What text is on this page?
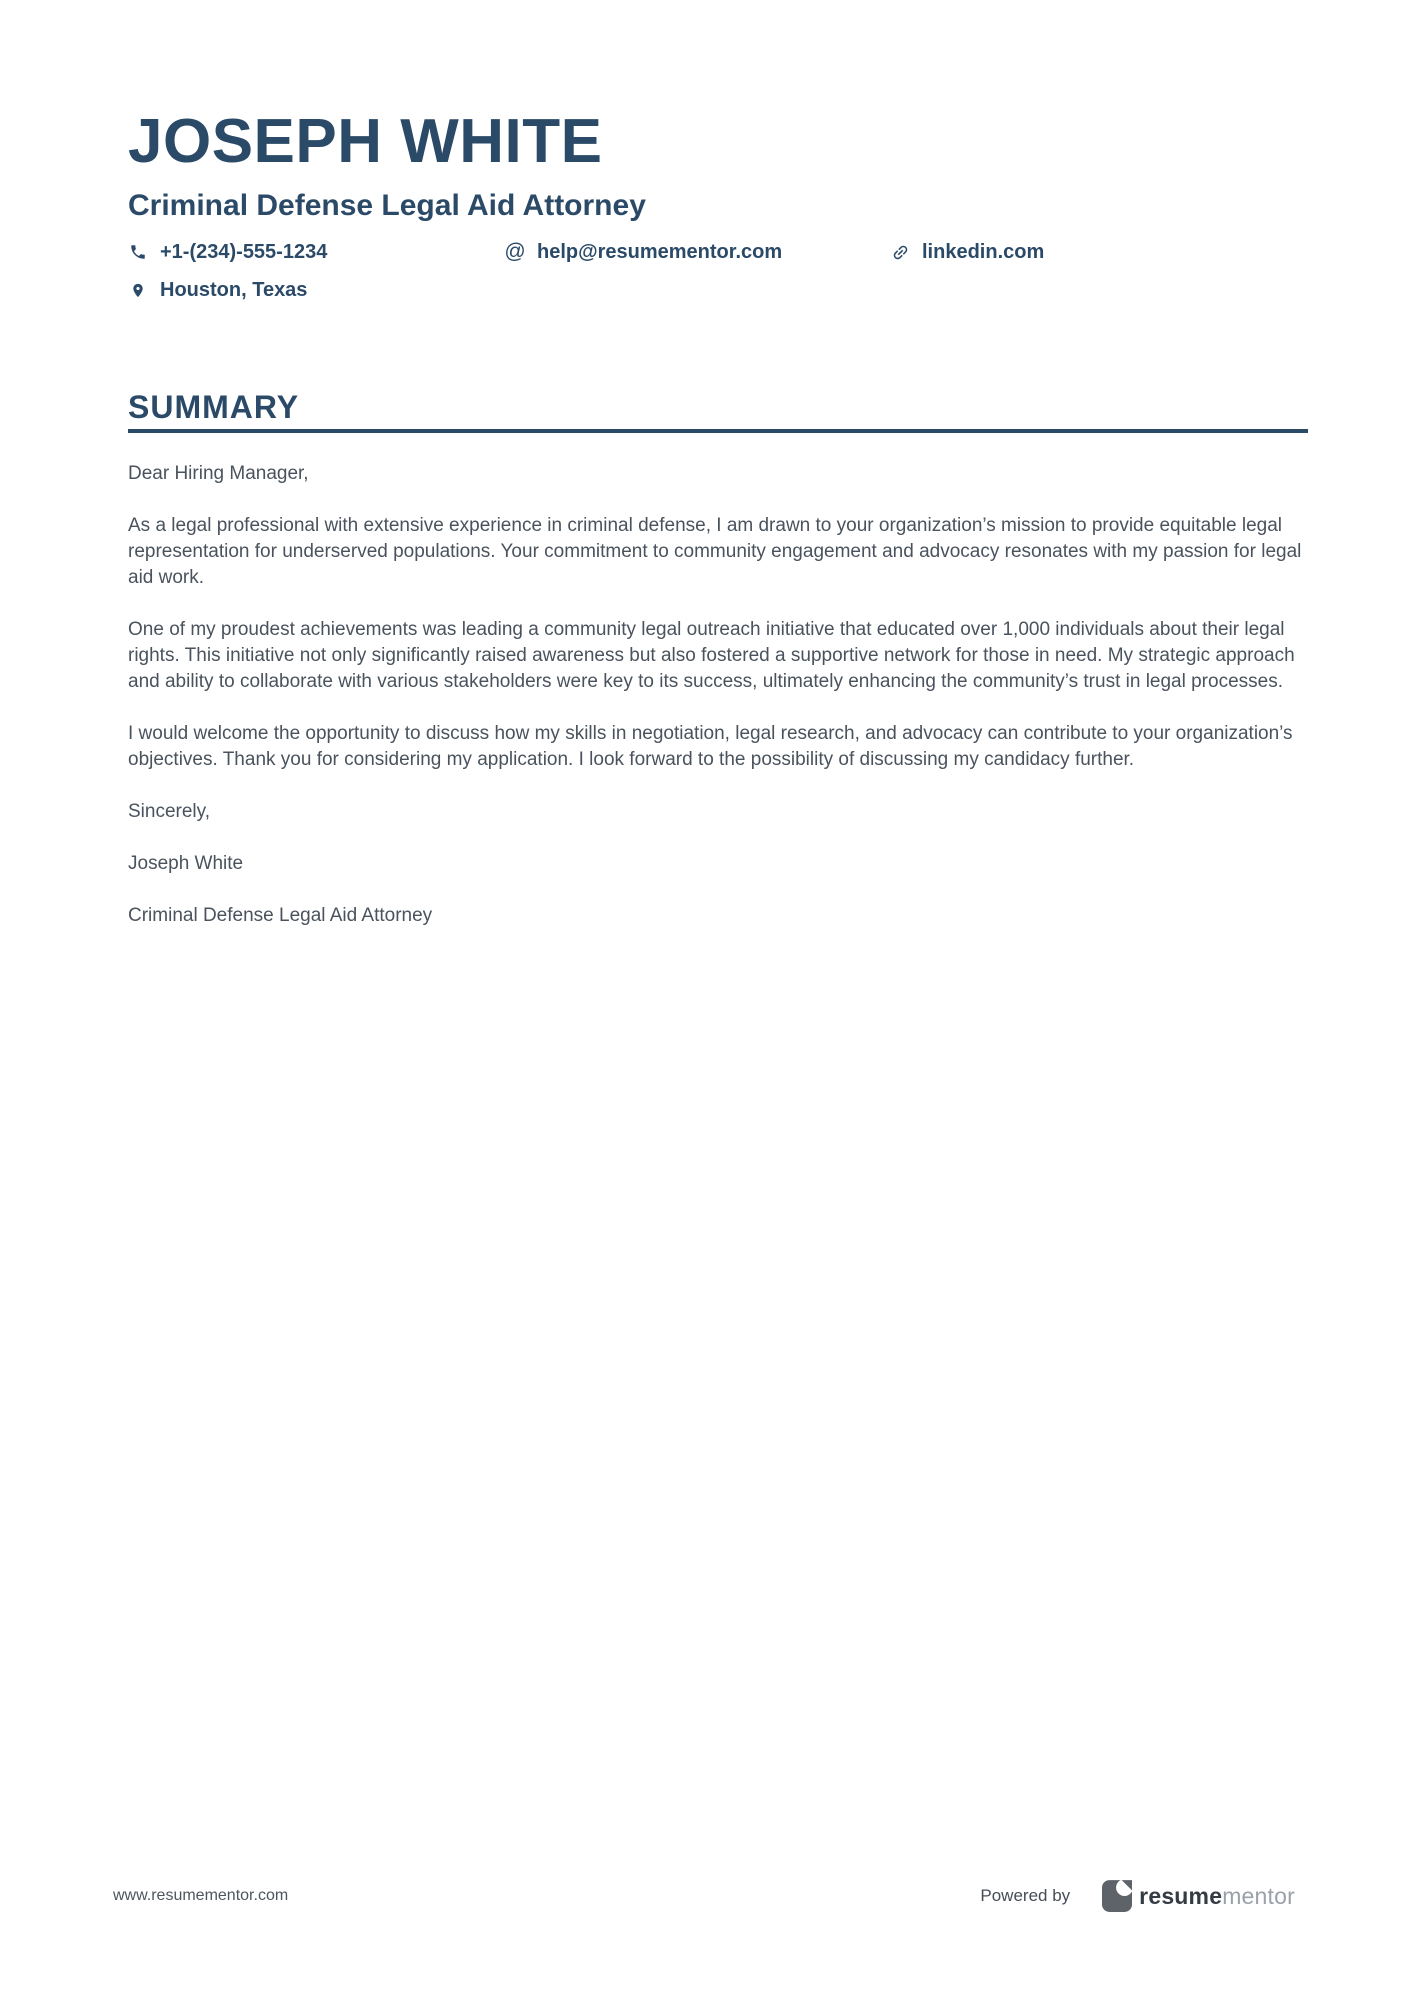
JOSEPH WHITE
Criminal Defense Legal Aid Attorney
+1-(234)-555-1234	@ help@resumementor.com	linkedin.com
Houston, Texas
SUMMARY

Dear Hiring Manager,

As a legal professional with extensive experience in criminal defense, I am drawn to your organization’s mission to provide equitable legal representation for underserved populations. Your commitment to community engagement and advocacy resonates with my passion for legal aid work.

One of my proudest achievements was leading a community legal outreach initiative that educated over 1,000 individuals about their legal rights. This initiative not only significantly raised awareness but also fostered a supportive network for those in need. My strategic approach and ability to collaborate with various stakeholders were key to its success, ultimately enhancing the community’s trust in legal processes.

I would welcome the opportunity to discuss how my skills in negotiation, legal research, and advocacy can contribute to your organization’s objectives. Thank you for considering my application. I look forward to the possibility of discussing my candidacy further.

Sincerely,

Joseph White

Criminal Defense Legal Aid Attorney

www.resumementor.com	Powered by	resumementor
